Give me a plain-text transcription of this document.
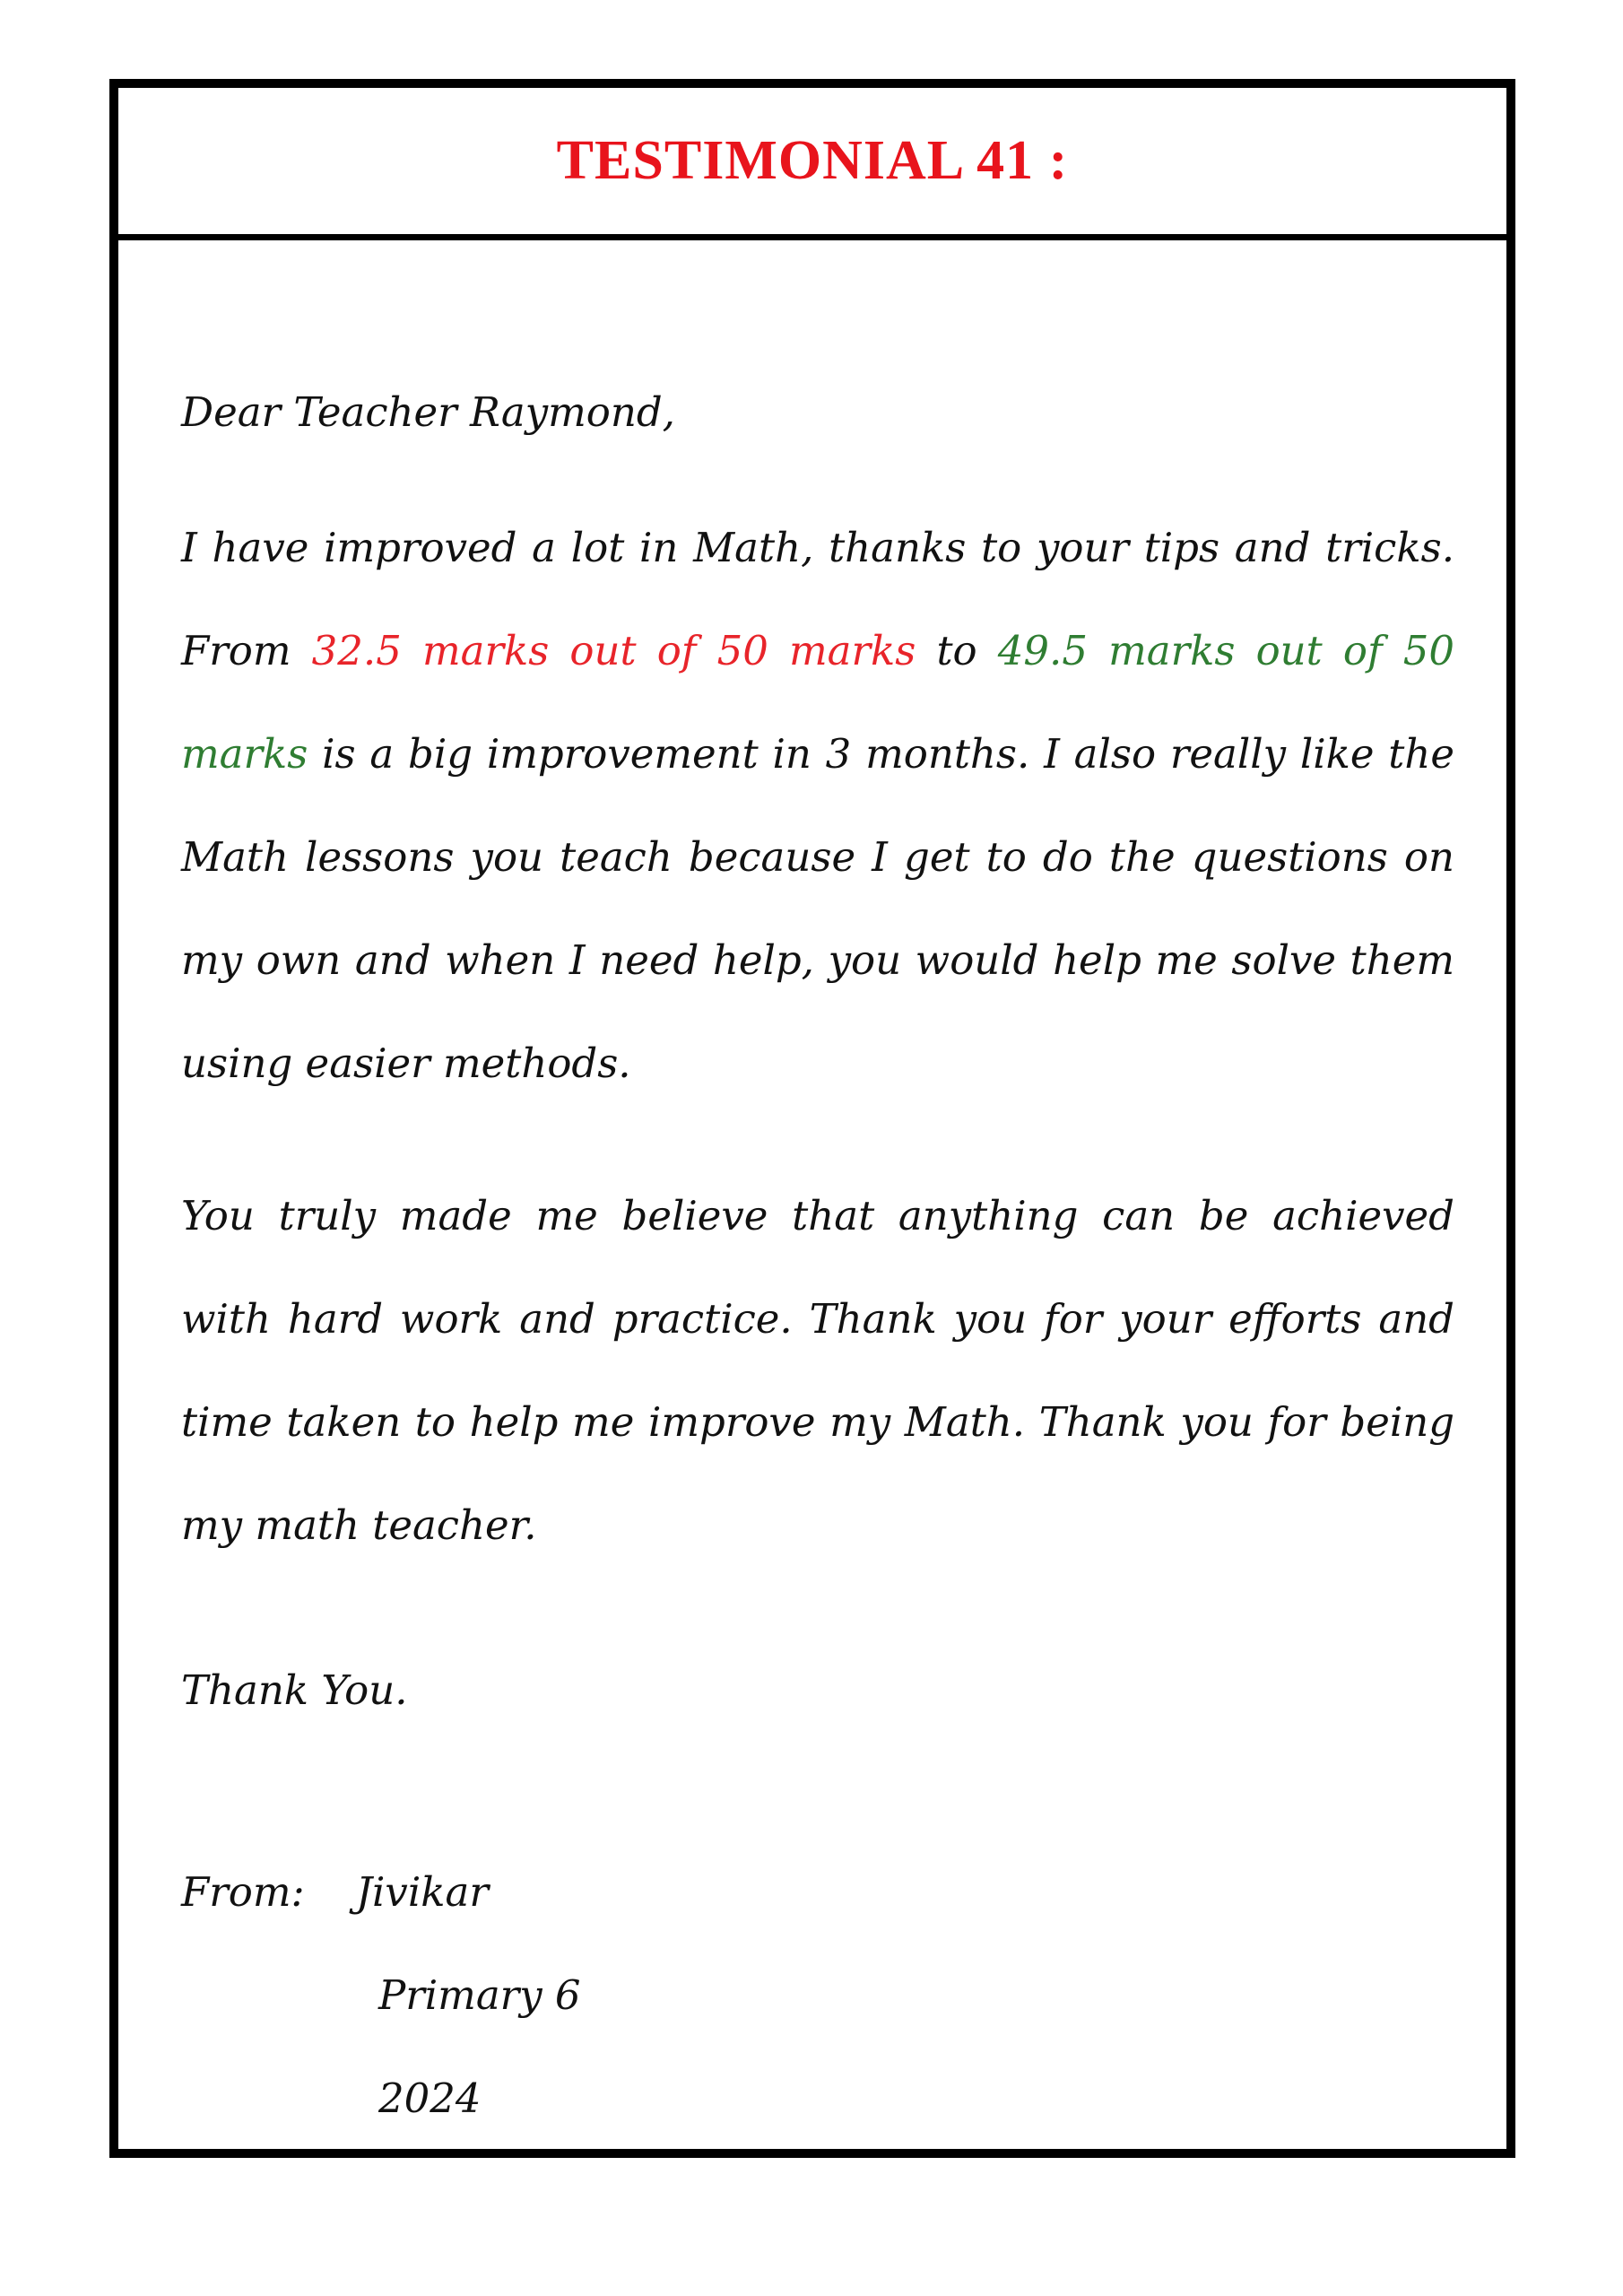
TESTIMONIAL 41 :
Dear Teacher Raymond,
I have improved a lot in Math, thanks to your tips and tricks. From 32.5 marks out of 50 marks to 49.5 marks out of 50 marks is a big improvement in 3 months. I also really like the Math lessons you teach because I get to do the questions on my own and when I need help, you would help me solve them using easier methods.
You truly made me believe that anything can be achieved with hard work and practice. Thank you for your efforts and time taken to help me improve my Math. Thank you for being my math teacher.
Thank You.
From: Jivikar
Primary 6
2024
